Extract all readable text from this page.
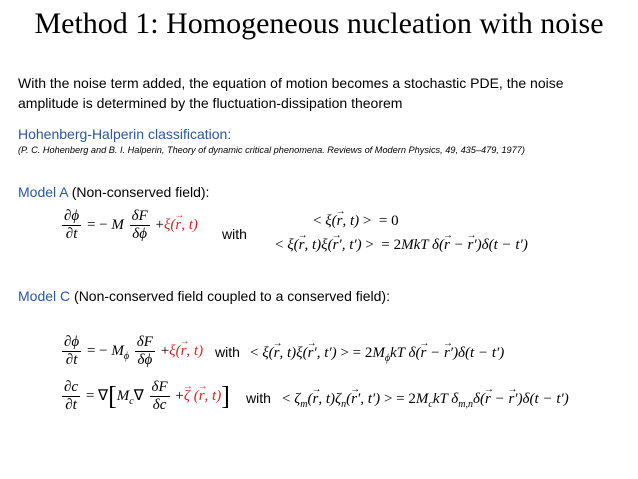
Method 1: Homogeneous nucleation with noise
With the noise term added, the equation of motion becomes a stochastic PDE, the noise
amplitude is determined by the fluctuation-dissipation theorem
Hohenberg-Halperin classification:
(P. C. Hohenberg and B. I. Halperin, Theory of dynamic critical phenomena. Reviews of Modern Physics, 49, 435–479, 1977)
Model A (Non-conserved field):
$\frac{\partial\phi}{\partial t}$ = − M $\frac{\delta F}{\delta\phi} +\xi(\to r$, t)
with
< ξ(→ r, t) >  = 0
< ξ(→ r, t)ξ(→ r′, t′) >  = 2MkT δ(→ r − → r′)δ(t − t′)
Model C (Non-conserved field coupled to a conserved field):
$\frac{\partial\phi}{\partial t}$ = − $M_\phi \frac{\delta F}{\delta\phi} +\xi(\to r$, t) with < ξ(→ r, t)ξ(→ r′, t′) > = $2M_\phi kT$ δ(→ r − → r′)δ(t − t′)
$\frac{\partial c}{\partial t} = \nabla[M_c\nabla \frac{\delta F}{\delta c} +\to \zeta$ (→ r, t)] with < $\zeta_m(\to r$, $t)\zeta_n(\to r'$, t′) > = $2M_ckT$ $\delta_{m,n}\delta(\to r$ − → r′)δ(t − t′)
